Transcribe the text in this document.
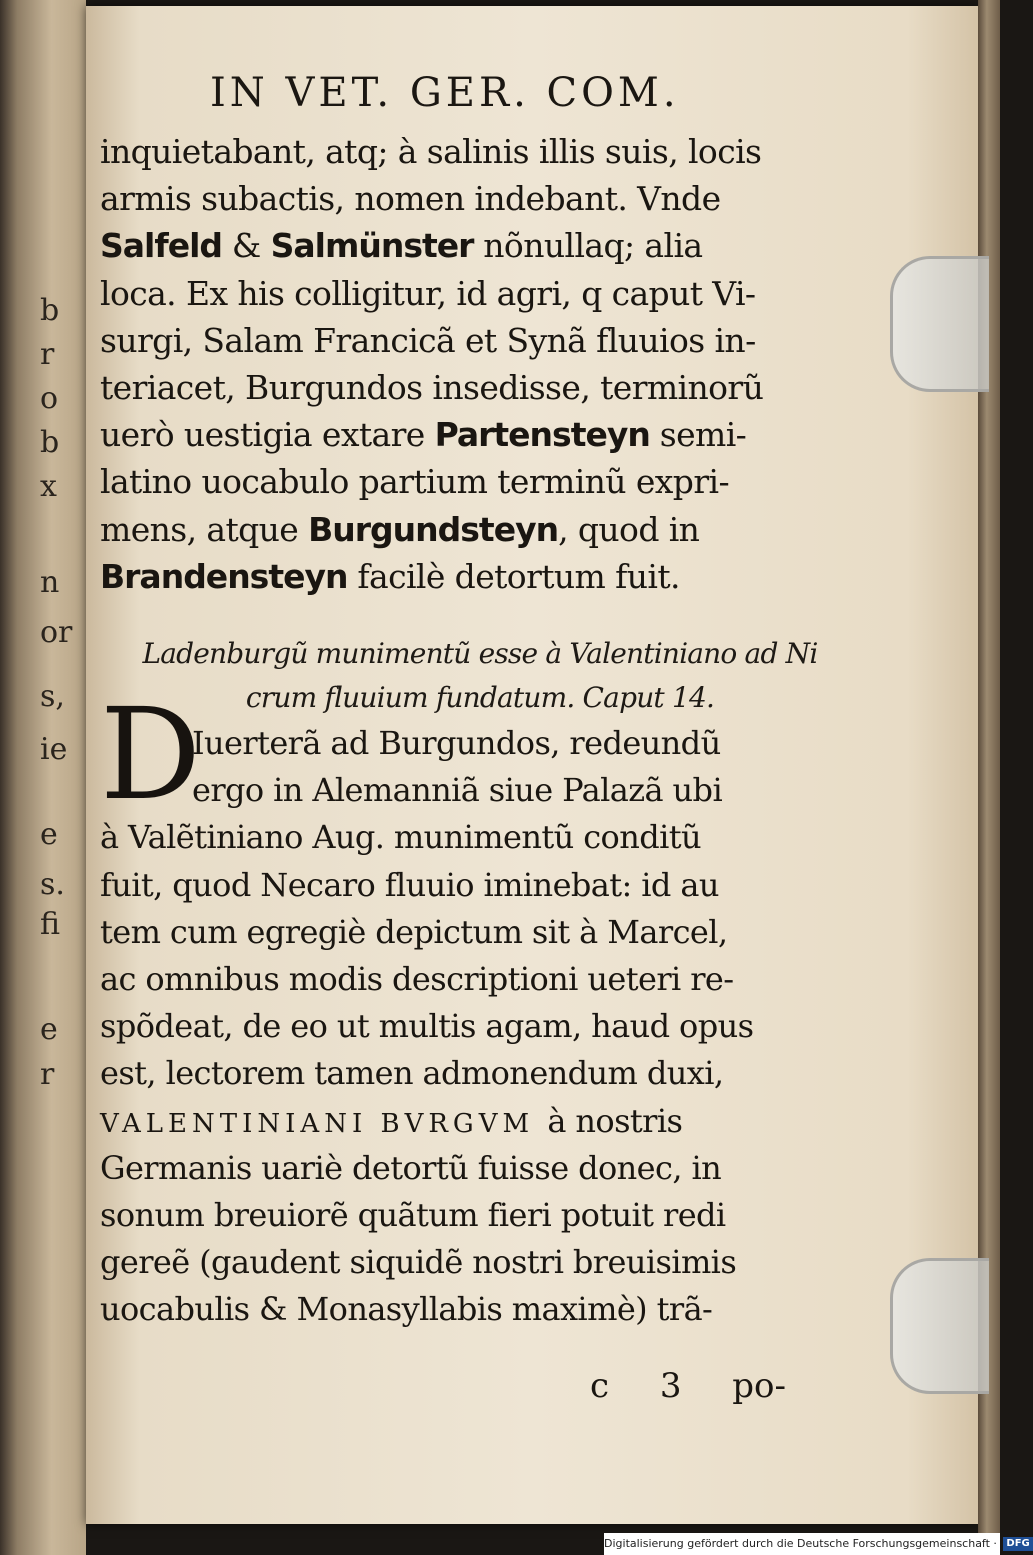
b
r
o
b
x
n
or
s,
ie
e
s.
fi
e
r
IN VET. GER. COM.
inquietabant, atq; à salinis illis suis, locis
armis subactis, nomen indebant. Vnde
Salfeld & Salmünster nõnullaq; alia
loca. Ex his colligitur, id agri, q caput Vi-
surgi, Salam Francicã et Synã fluuios in-
teriacet, Burgundos insedisse, terminorũ
uerò uestigia extare Partensteyn semi-
latino uocabulo partium terminũ expri-
mens, atque Burgundsteyn, quod in
Brandensteyn facilè detortum fuit.
Ladenburgũ munimentũ esse à Valentiniano ad Ni
crum fluuium fundatum. Caput 14.
D
Iuerterã ad Burgundos, redeundũ
ergo in Alemanniã siue Palazã ubi
à Valẽtiniano Aug. munimentũ conditũ
fuit, quod Necaro fluuio iminebat: id au
tem cum egregiè depictum sit à Marcel,
ac omnibus modis descriptioni ueteri re-
spõdeat, de eo ut multis agam, haud opus
est, lectorem tamen admonendum duxi,
VALENTINIANI BVRGVM à nostris
Germanis uariè detortũ fuisse donec, in
sonum breuiorẽ quãtum fieri potuit redi
gereẽ (gaudent siquidẽ nostri breuisimis
uocabulis & Monasyllabis maximè) trã-
c 3 po-
Digitalisierung gefördert durch die Deutsche Forschungsgemeinschaft · DFG
